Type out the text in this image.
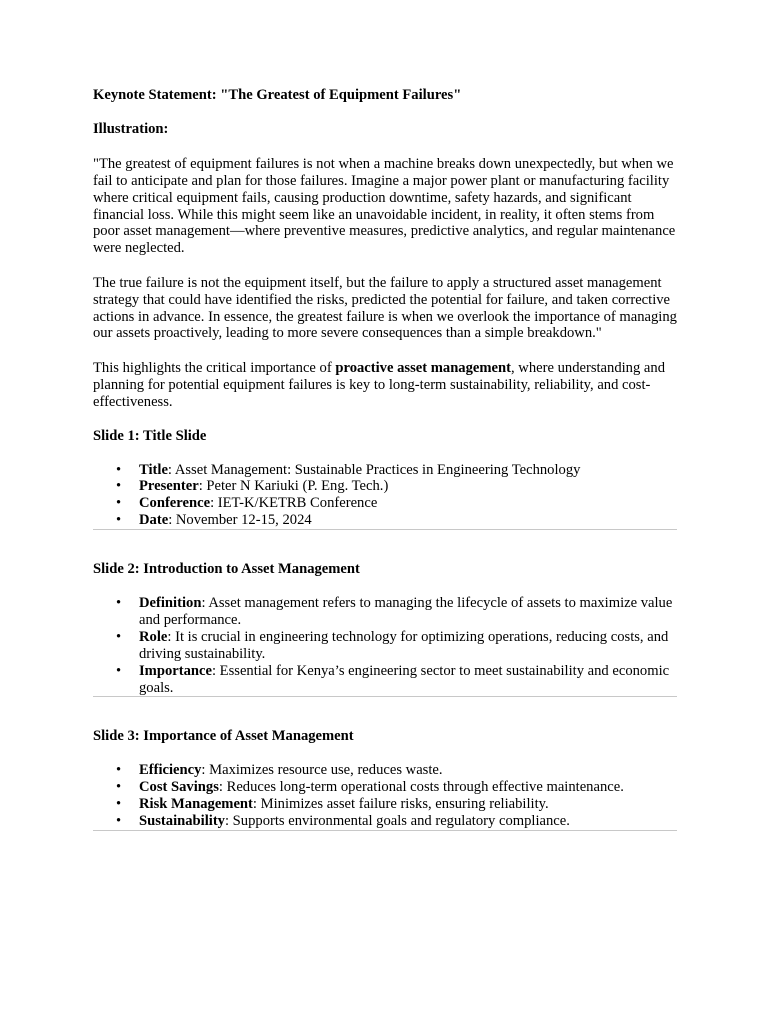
Keynote Statement: "The Greatest of Equipment Failures"

Illustration:

"The greatest of equipment failures is not when a machine breaks down unexpectedly, but when we fail to anticipate and plan for those failures. Imagine a major power plant or manufacturing facility where critical equipment fails, causing production downtime, safety hazards, and significant financial loss. While this might seem like an unavoidable incident, in reality, it often stems from poor asset management—where preventive measures, predictive analytics, and regular maintenance were neglected.

The true failure is not the equipment itself, but the failure to apply a structured asset management strategy that could have identified the risks, predicted the potential for failure, and taken corrective actions in advance. In essence, the greatest failure is when we overlook the importance of managing our assets proactively, leading to more severe consequences than a simple breakdown."

This highlights the critical importance of proactive asset management, where understanding and planning for potential equipment failures is key to long-term sustainability, reliability, and cost-effectiveness.

Slide 1: Title Slide

• Title: Asset Management: Sustainable Practices in Engineering Technology
• Presenter: Peter N Kariuki (P. Eng. Tech.)
• Conference: IET-K/KETRB Conference
• Date: November 12-15, 2024

Slide 2: Introduction to Asset Management

• Definition: Asset management refers to managing the lifecycle of assets to maximize value and performance.
• Role: It is crucial in engineering technology for optimizing operations, reducing costs, and driving sustainability.
• Importance: Essential for Kenya’s engineering sector to meet sustainability and economic goals.

Slide 3: Importance of Asset Management

• Efficiency: Maximizes resource use, reduces waste.
• Cost Savings: Reduces long-term operational costs through effective maintenance.
• Risk Management: Minimizes asset failure risks, ensuring reliability.
• Sustainability: Supports environmental goals and regulatory compliance.
